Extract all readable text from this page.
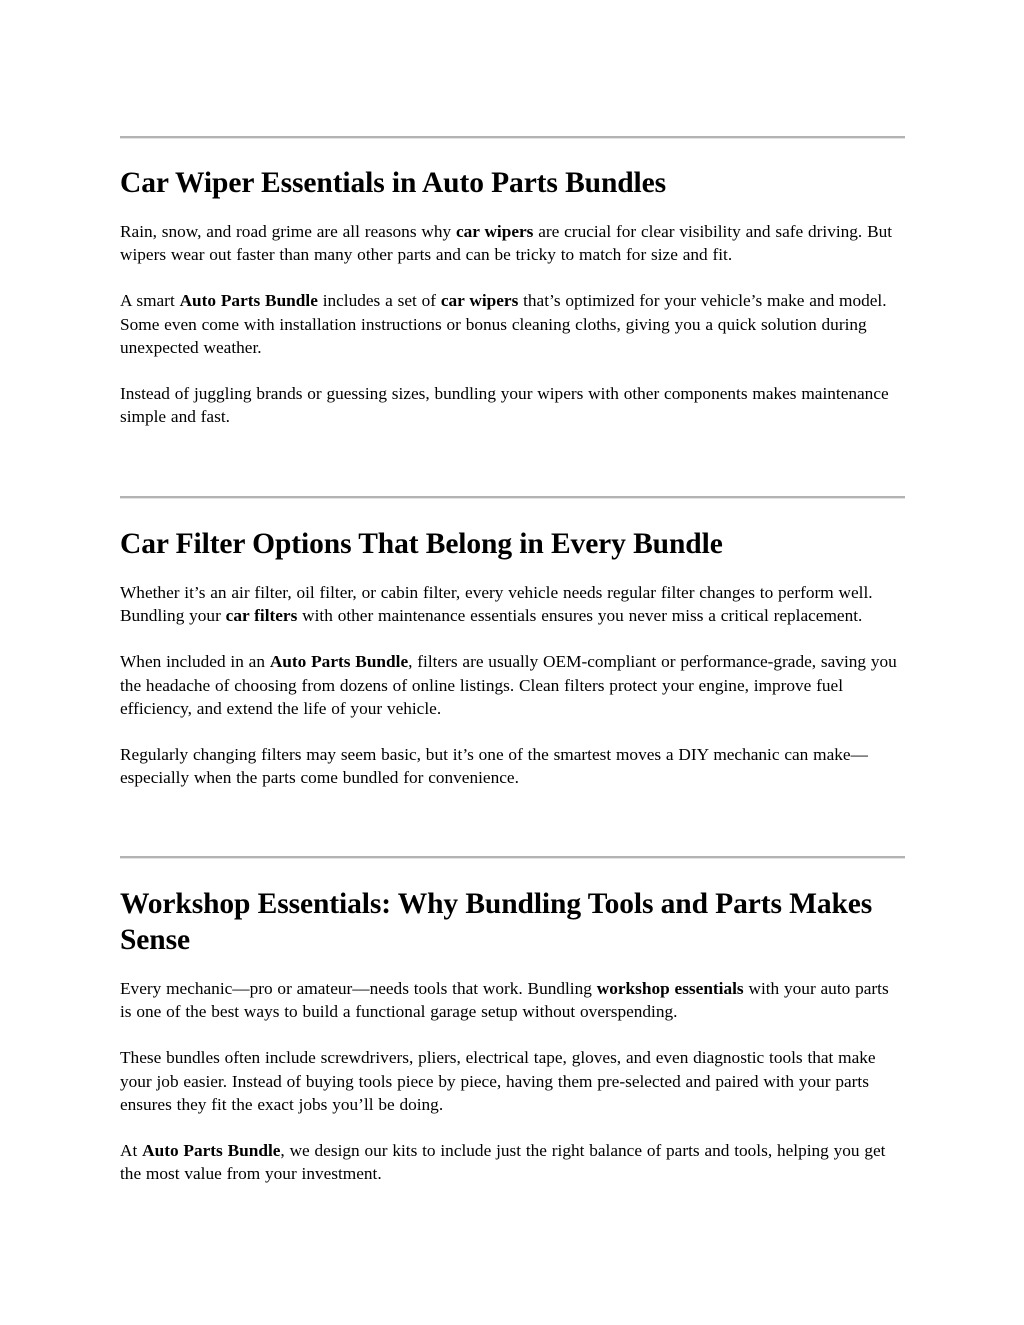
Car Wiper Essentials in Auto Parts Bundles

Rain, snow, and road grime are all reasons why car wipers are crucial for clear visibility and safe driving. But wipers wear out faster than many other parts and can be tricky to match for size and fit.

A smart Auto Parts Bundle includes a set of car wipers that’s optimized for your vehicle’s make and model. Some even come with installation instructions or bonus cleaning cloths, giving you a quick solution during unexpected weather.

Instead of juggling brands or guessing sizes, bundling your wipers with other components makes maintenance simple and fast.

Car Filter Options That Belong in Every Bundle

Whether it’s an air filter, oil filter, or cabin filter, every vehicle needs regular filter changes to perform well. Bundling your car filters with other maintenance essentials ensures you never miss a critical replacement.

When included in an Auto Parts Bundle, filters are usually OEM-compliant or performance-grade, saving you the headache of choosing from dozens of online listings. Clean filters protect your engine, improve fuel efficiency, and extend the life of your vehicle.

Regularly changing filters may seem basic, but it’s one of the smartest moves a DIY mechanic can make—especially when the parts come bundled for convenience.

Workshop Essentials: Why Bundling Tools and Parts Makes Sense

Every mechanic—pro or amateur—needs tools that work. Bundling workshop essentials with your auto parts is one of the best ways to build a functional garage setup without overspending.

These bundles often include screwdrivers, pliers, electrical tape, gloves, and even diagnostic tools that make your job easier. Instead of buying tools piece by piece, having them pre-selected and paired with your parts ensures they fit the exact jobs you’ll be doing.

At Auto Parts Bundle, we design our kits to include just the right balance of parts and tools, helping you get the most value from your investment.
